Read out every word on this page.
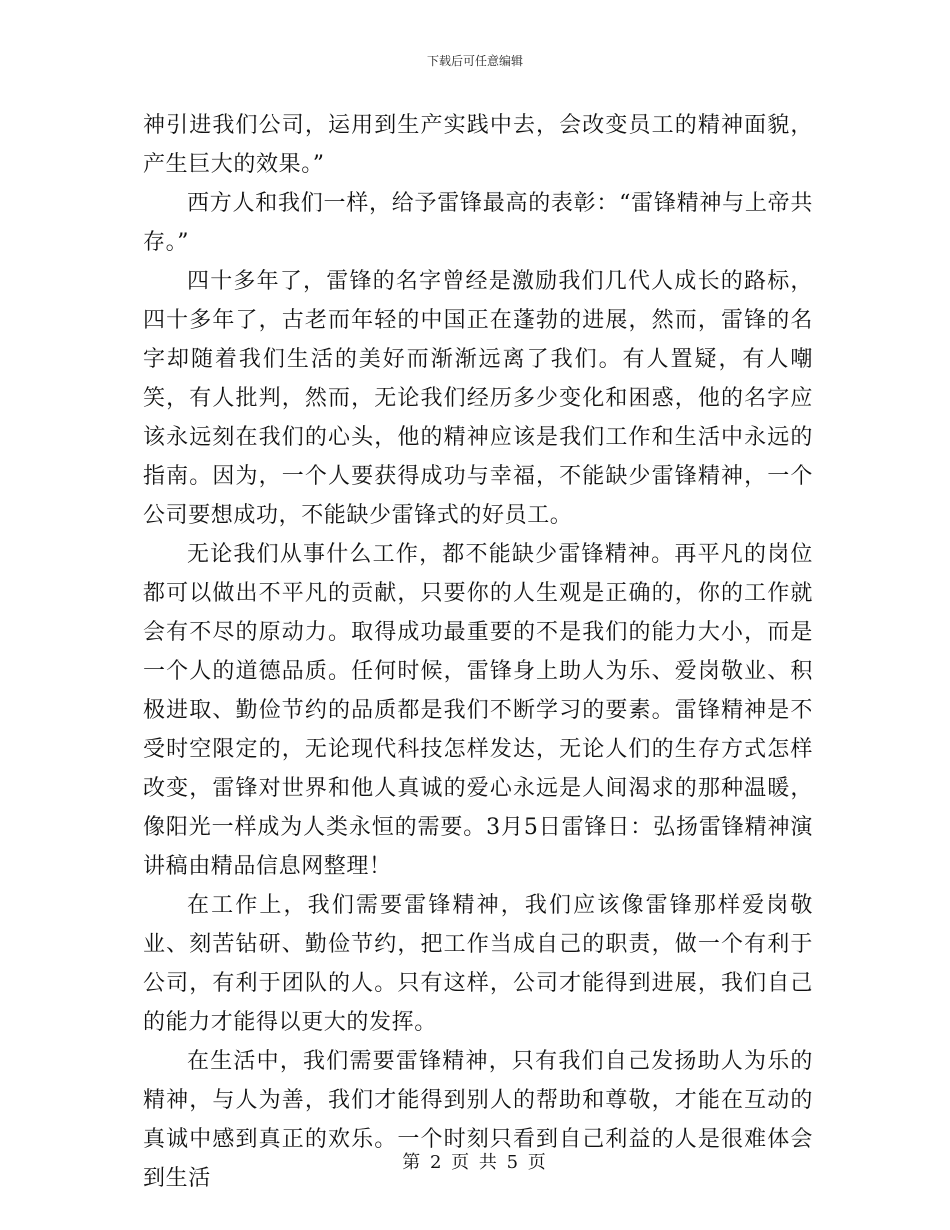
下载后可任意编辑

神引进我们公司，运用到生产实践中去，会改变员工的精神面貌，产生巨大的效果。”

西方人和我们一样，给予雷锋最高的表彰：“雷锋精神与上帝共存。”

四十多年了，雷锋的名字曾经是激励我们几代人成长的路标，四十多年了，古老而年轻的中国正在蓬勃的进展，然而，雷锋的名字却随着我们生活的美好而渐渐远离了我们。有人置疑，有人嘲笑，有人批判，然而，无论我们经历多少变化和困惑，他的名字应该永远刻在我们的心头，他的精神应该是我们工作和生活中永远的指南。因为，一个人要获得成功与幸福，不能缺少雷锋精神，一个公司要想成功，不能缺少雷锋式的好员工。

无论我们从事什么工作，都不能缺少雷锋精神。再平凡的岗位都可以做出不平凡的贡献，只要你的人生观是正确的，你的工作就会有不尽的原动力。取得成功最重要的不是我们的能力大小，而是一个人的道德品质。任何时候，雷锋身上助人为乐、爱岗敬业、积极进取、勤俭节约的品质都是我们不断学习的要素。雷锋精神是不受时空限定的，无论现代科技怎样发达，无论人们的生存方式怎样改变，雷锋对世界和他人真诚的爱心永远是人间渴求的那种温暖，像阳光一样成为人类永恒的需要。3月5日雷锋日：弘扬雷锋精神演讲稿由精品信息网整理！

在工作上，我们需要雷锋精神，我们应该像雷锋那样爱岗敬业、刻苦钻研、勤俭节约，把工作当成自己的职责，做一个有利于公司，有利于团队的人。只有这样，公司才能得到进展，我们自己的能力才能得以更大的发挥。

在生活中，我们需要雷锋精神，只有我们自己发扬助人为乐的精神，与人为善，我们才能得到别人的帮助和尊敬，才能在互动的真诚中感到真正的欢乐。一个时刻只看到自己利益的人是很难体会到生活

第 2 页 共 5 页
